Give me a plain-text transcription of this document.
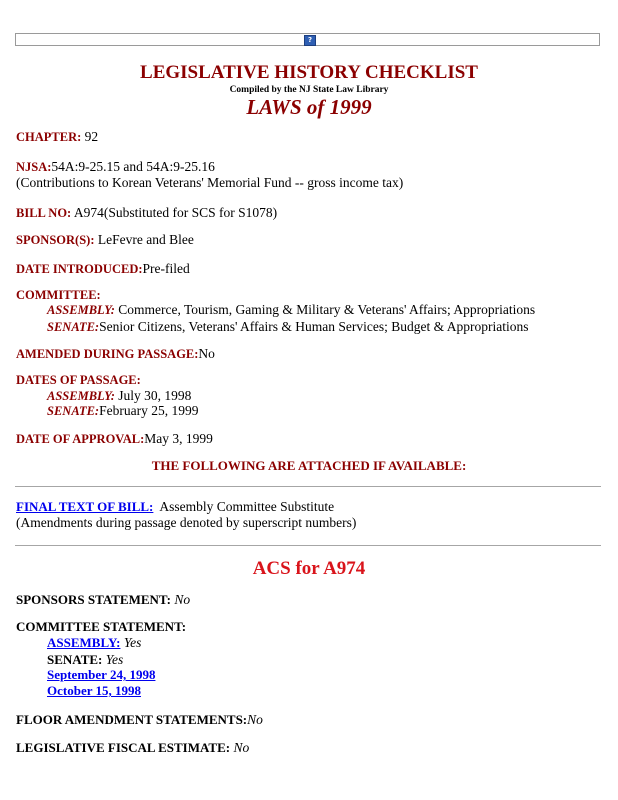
?
LEGISLATIVE HISTORY CHECKLIST
Compiled by the NJ State Law Library
LAWS of 1999
CHAPTER: 92
NJSA:54A:9-25.15 and 54A:9-25.16
(Contributions to Korean Veterans' Memorial Fund -- gross income tax)
BILL NO: A974(Substituted for SCS for S1078)
SPONSOR(S): LeFevre and Blee
DATE INTRODUCED:Pre-filed
COMMITTEE:
ASSEMBLY: Commerce, Tourism, Gaming & Military & Veterans' Affairs; Appropriations
SENATE:Senior Citizens, Veterans' Affairs & Human Services; Budget & Appropriations
AMENDED DURING PASSAGE:No
DATES OF PASSAGE:
ASSEMBLY: July 30, 1998
SENATE:February 25, 1999
DATE OF APPROVAL:May 3, 1999
THE FOLLOWING ARE ATTACHED IF AVAILABLE:
FINAL TEXT OF BILL:  Assembly Committee Substitute
(Amendments during passage denoted by superscript numbers)
ACS for A974
SPONSORS STATEMENT: No
COMMITTEE STATEMENT:
ASSEMBLY: Yes
SENATE: Yes
September 24, 1998
October 15, 1998
FLOOR AMENDMENT STATEMENTS:No
LEGISLATIVE FISCAL ESTIMATE: No
